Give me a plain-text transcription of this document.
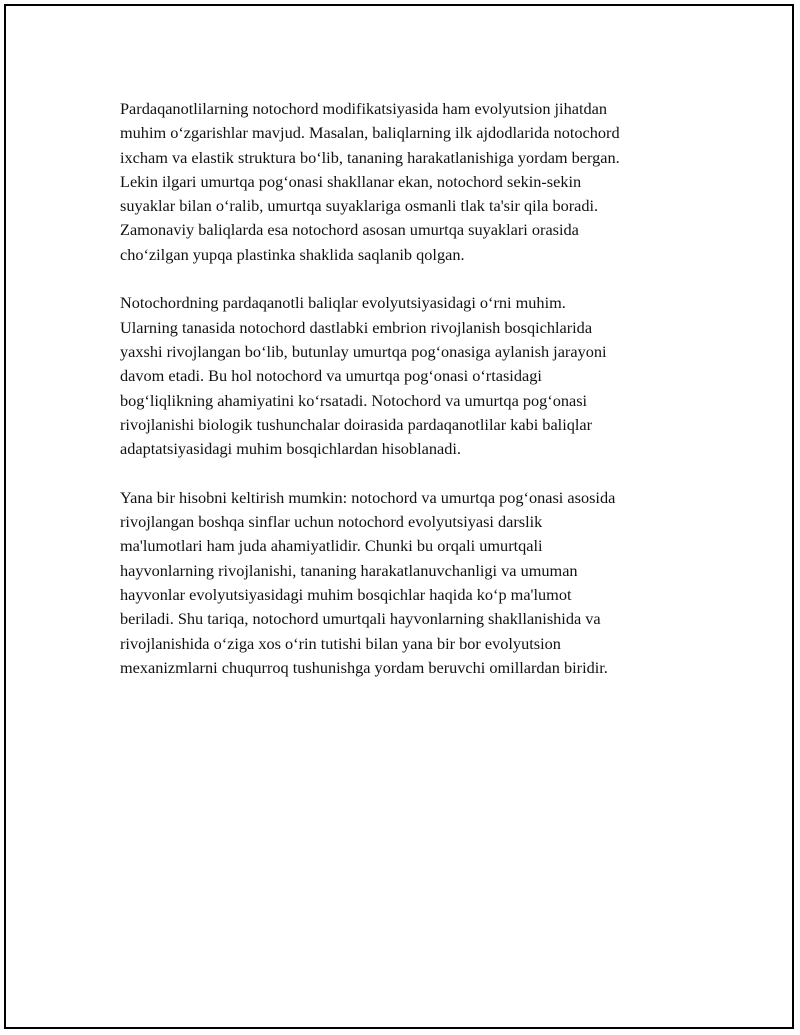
Pardaqanotlilarning notochord modifikatsiyasida ham evolyutsion jihatdan
muhim oʻzgarishlar mavjud. Masalan, baliqlarning ilk ajdodlarida notochord
ixcham va elastik struktura boʻlib, tananing harakatlanishiga yordam bergan.
Lekin ilgari umurtqa pogʻonasi shakllanar ekan, notochord sekin-sekin
suyaklar bilan oʻralib, umurtqa suyaklariga osmanli tlak ta'sir qila boradi.
Zamonaviy baliqlarda esa notochord asosan umurtqa suyaklari orasida
choʻzilgan yupqa plastinka shaklida saqlanib qolgan.

Notochordning pardaqanotli baliqlar evolyutsiyasidagi oʻrni muhim.
Ularning tanasida notochord dastlabki embrion rivojlanish bosqichlarida
yaxshi rivojlangan boʻlib, butunlay umurtqa pogʻonasiga aylanish jarayoni
davom etadi. Bu hol notochord va umurtqa pogʻonasi oʻrtasidagi
bogʻliqlikning ahamiyatini koʻrsatadi. Notochord va umurtqa pogʻonasi
rivojlanishi biologik tushunchalar doirasida pardaqanotlilar kabi baliqlar
adaptatsiyasidagi muhim bosqichlardan hisoblanadi.

Yana bir hisobni keltirish mumkin: notochord va umurtqa pogʻonasi asosida
rivojlangan boshqa sinflar uchun notochord evolyutsiyasi darslik
ma'lumotlari ham juda ahamiyatlidir. Chunki bu orqali umurtqali
hayvonlarning rivojlanishi, tananing harakatlanuvchanligi va umuman
hayvonlar evolyutsiyasidagi muhim bosqichlar haqida koʻp ma'lumot
beriladi. Shu tariqa, notochord umurtqali hayvonlarning shakllanishida va
rivojlanishida oʻziga xos oʻrin tutishi bilan yana bir bor evolyutsion
mexanizmlarni chuqurroq tushunishga yordam beruvchi omillardan biridir.
